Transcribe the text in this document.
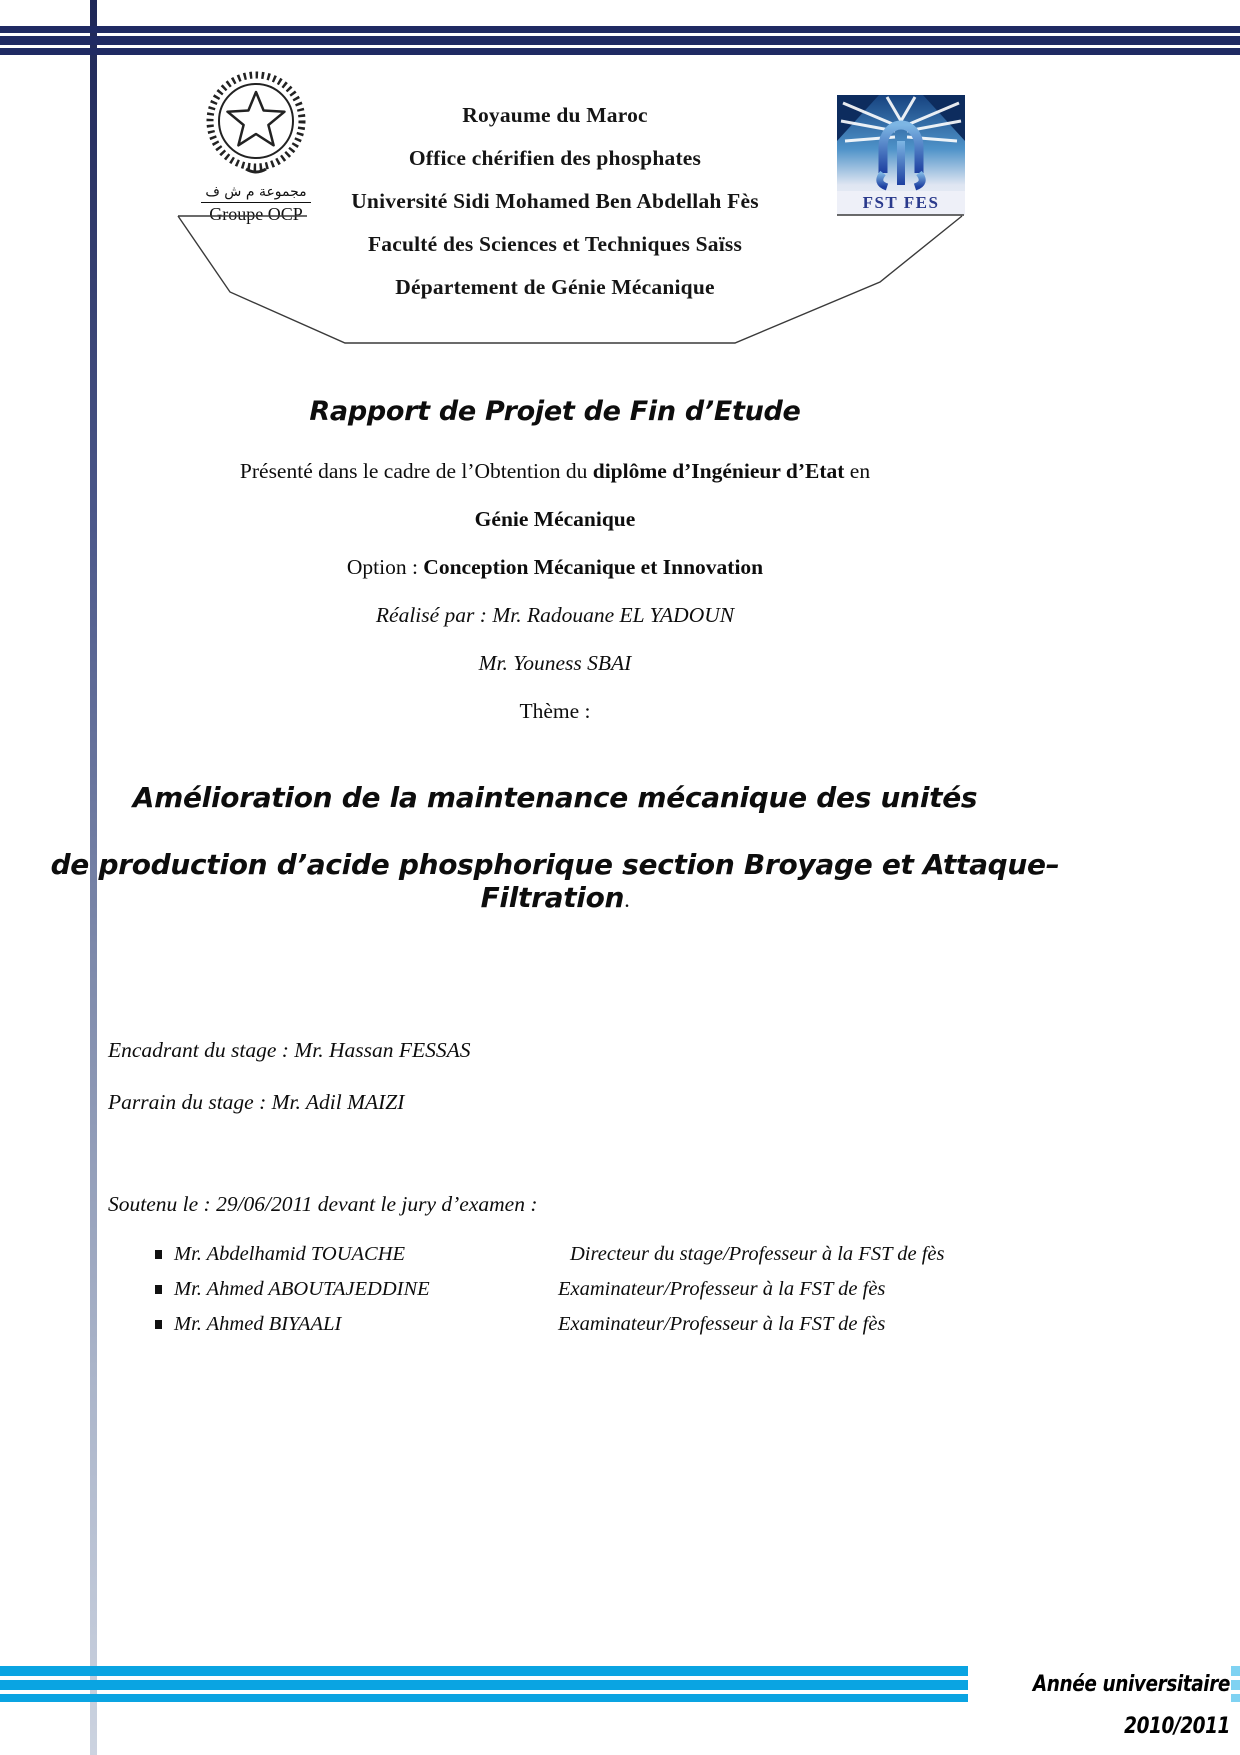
مجموعة م ش ف
Groupe OCP
Royaume du Maroc
Office chérifien des phosphates
Université Sidi Mohamed Ben Abdellah Fès
Faculté des Sciences et Techniques Saïss
Département de Génie Mécanique
FST FES
Rapport de Projet de Fin d’Etude
Présenté dans le cadre de l’Obtention du diplôme d’Ingénieur d’Etat en
Génie Mécanique
Option : Conception Mécanique et Innovation
Réalisé par : Mr. Radouane EL YADOUN
Mr. Youness SBAI
Thème :
Amélioration de la maintenance mécanique des unités
de production d’acide phosphorique section Broyage et Attaque–Filtration.
Encadrant du stage : Mr. Hassan FESSAS
Parrain du stage : Mr. Adil MAIZI
Soutenu le : 29/06/2011 devant le jury d’examen :
Mr. Abdelhamid TOUACHE	Directeur du stage/Professeur à la FST de fès
Mr. Ahmed ABOUTAJEDDINE	Examinateur/Professeur à la FST de fès
Mr. Ahmed BIYAALI	Examinateur/Professeur à la FST de fès
Année universitaire 2010/2011
